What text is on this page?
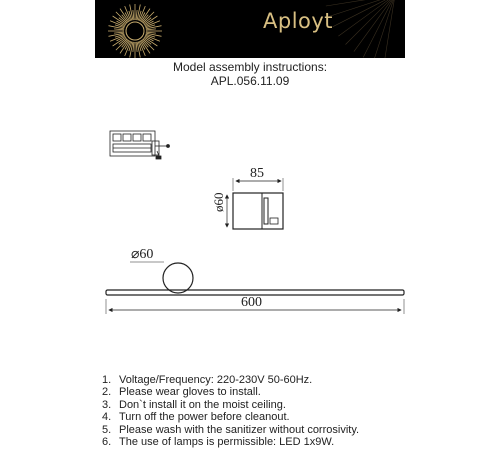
Aployt
Model assembly instructions:
APL.056.11.09
85
ø60
⌀60
600
1. Voltage/Frequency: 220-230V 50-60Hz.
2. Please wear gloves to install.
3. Don`t install it on the moist ceiling.
4. Turn off the power before cleanout.
5. Please wash with the sanitizer without corrosivity.
6. The use of lamps is permissible: LED 1x9W.
